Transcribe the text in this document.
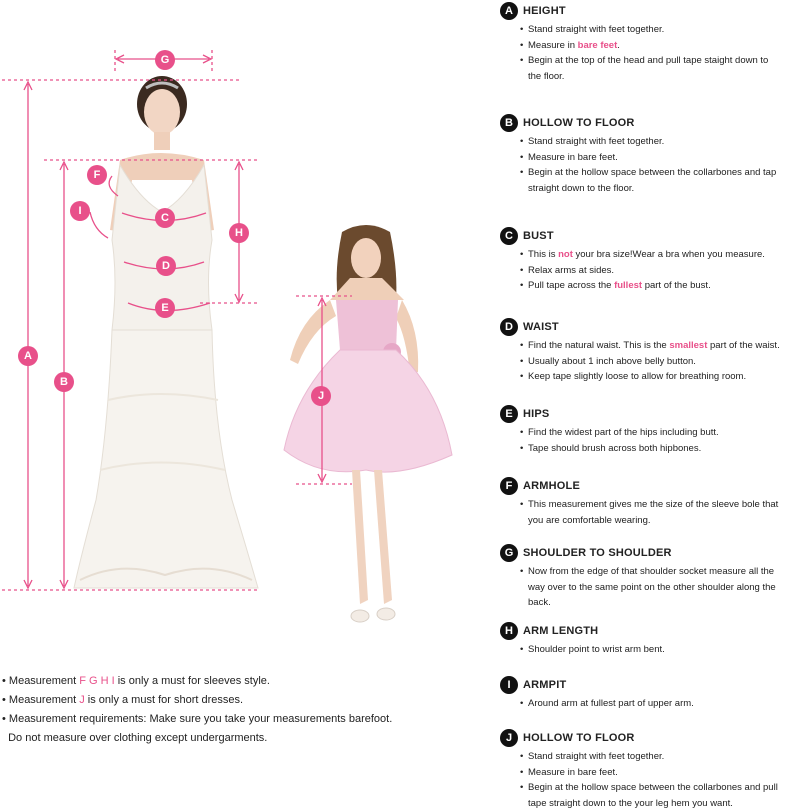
G
A
B
C
D
E
F
H
I
J
• Measurement F G H I is only a must for sleeves style.
• Measurement J is only a must for short dresses.
• Measurement requirements: Make sure you take your measurements barefoot.
Do not measure over clothing except undergarments.
A HEIGHT
• Stand straight with feet together.
• Measure in bare feet.
• Begin at the top of the head and pull tape staight down to
the floor.
B HOLLOW TO FLOOR
• Stand straight with feet together.
• Measure in bare feet.
• Begin at the hollow space between the collarbones and tap
straight down to the floor.
C BUST
• This is not your bra size!Wear a bra when you measure.
• Relax arms at sides.
• Pull tape across the fullest part of the bust.
D WAIST
• Find the natural waist. This is the smallest part of the waist.
• Usually about 1 inch above belly button.
• Keep tape slightly loose to allow for breathing room.
E HIPS
• Find the widest part of the hips including butt.
• Tape should brush across both hipbones.
F ARMHOLE
• This measurement gives me the size of the sleeve bole that
you are comfortable wearing.
G SHOULDER TO SHOULDER
• Now from the edge of that shoulder socket measure all the
way over to the same point on the other shoulder along the
back.
H ARM LENGTH
• Shoulder point to wrist arm bent.
I	ARMPIT
• Around arm at fullest part of upper arm.
J HOLLOW TO FLOOR
• Stand straight with feet together.
• Measure in bare feet.
• Begin at the hollow space between the collarbones and pull
tape straight down to the your leg hem you want.
